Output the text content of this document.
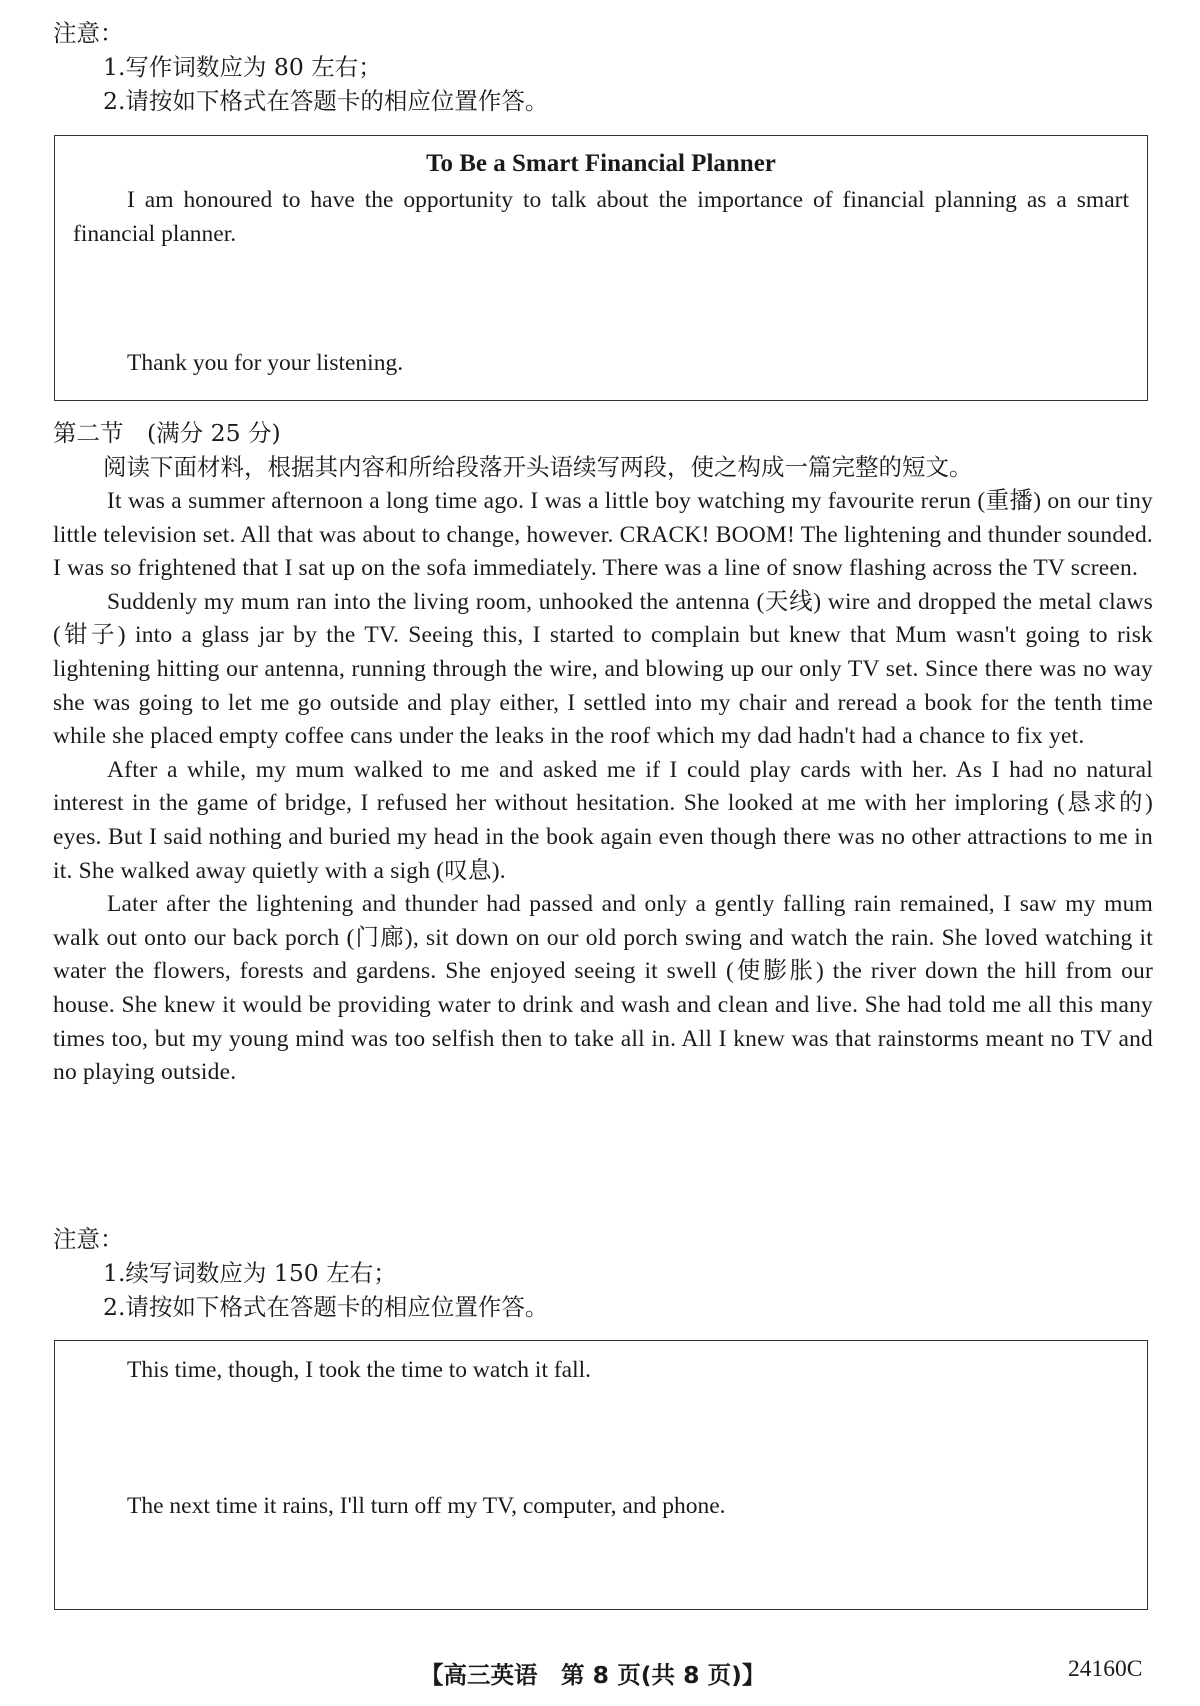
注意：
1.写作词数应为 80 左右；
2.请按如下格式在答题卡的相应位置作答。
To Be a Smart Financial Planner

I am honoured to have the opportunity to talk about the importance of financial planning as a smart financial planner.

Thank you for your listening.
第二节　(满分 25 分)
阅读下面材料，根据其内容和所给段落开头语续写两段，使之构成一篇完整的短文。

It was a summer afternoon a long time ago. I was a little boy watching my favourite rerun (重播) on our tiny little television set. All that was about to change, however. CRACK! BOOM! The lightening and thunder sounded. I was so frightened that I sat up on the sofa immediately. There was a line of snow flashing across the TV screen.

Suddenly my mum ran into the living room, unhooked the antenna (天线) wire and dropped the metal claws (钳子) into a glass jar by the TV. Seeing this, I started to complain but knew that Mum wasn't going to risk lightening hitting our antenna, running through the wire, and blowing up our only TV set. Since there was no way she was going to let me go outside and play either, I settled into my chair and reread a book for the tenth time while she placed empty coffee cans under the leaks in the roof which my dad hadn't had a chance to fix yet.

After a while, my mum walked to me and asked me if I could play cards with her. As I had no natural interest in the game of bridge, I refused her without hesitation. She looked at me with her imploring (恳求的) eyes. But I said nothing and buried my head in the book again even though there was no other attractions to me in it. She walked away quietly with a sigh (叹息).

Later after the lightening and thunder had passed and only a gently falling rain remained, I saw my mum walk out onto our back porch (门廊), sit down on our old porch swing and watch the rain. She loved watching it water the flowers, forests and gardens. She enjoyed seeing it swell (使膨胀) the river down the hill from our house. She knew it would be providing water to drink and wash and clean and live. She had told me all this many times too, but my young mind was too selfish then to take all in. All I knew was that rainstorms meant no TV and no playing outside.

注意：
1.续写词数应为 150 左右；
2.请按如下格式在答题卡的相应位置作答。
This time, though, I took the time to watch it fall.
The next time it rains, I'll turn off my TV, computer, and phone.
【高三英语　第 8 页(共 8 页)】	24160C
